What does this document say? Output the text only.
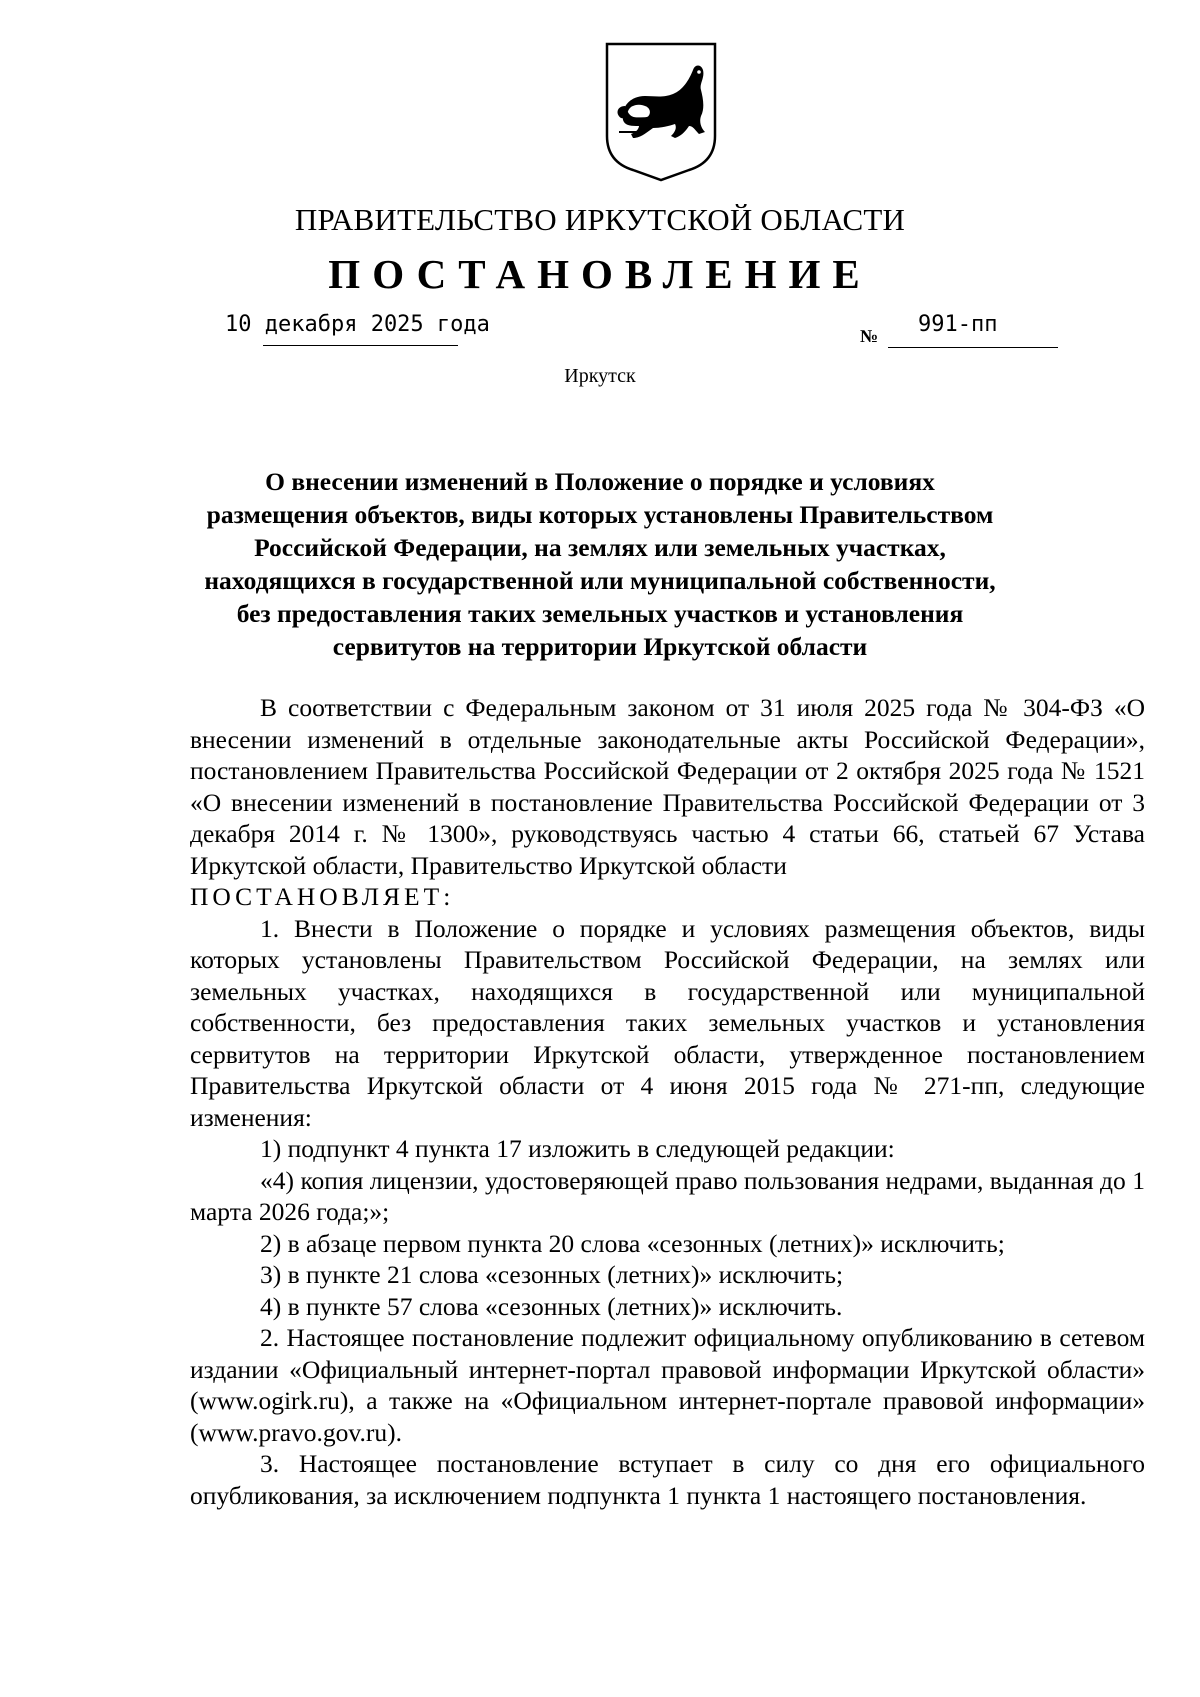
ПРАВИТЕЛЬСТВО ИРКУТСКОЙ ОБЛАСТИ
ПОСТАНОВЛЕНИЕ
10 декабря 2025 года	№ 991-пп
Иркутск
О внесении изменений в Положение о порядке и условиях
размещения объектов, виды которых установлены Правительством
Российской Федерации, на землях или земельных участках,
находящихся в государственной или муниципальной собственности,
без предоставления таких земельных участков и установления
сервитутов на территории Иркутской области

В соответствии с Федеральным законом от 31 июля 2025 года № 304-ФЗ «О внесении изменений в отдельные законодательные акты Российской Федерации», постановлением Правительства Российской Федерации от 2 октября 2025 года № 1521 «О внесении изменений в постановление Правительства Российской Федерации от 3 декабря 2014 г. № 1300», руководствуясь частью 4 статьи 66, статьей 67 Устава Иркутской области, Правительство Иркутской области

ПОСТАНОВЛЯЕТ:

1. Внести в Положение о порядке и условиях размещения объектов, виды которых установлены Правительством Российской Федерации, на землях или земельных участках, находящихся в государственной или муниципальной собственности, без предоставления таких земельных участков и установления сервитутов на территории Иркутской области, утвержденное постановлением Правительства Иркутской области от 4 июня 2015 года № 271-пп, следующие изменения:

1) подпункт 4 пункта 17 изложить в следующей редакции:

«4) копия лицензии, удостоверяющей право пользования недрами, выданная до 1 марта 2026 года;»;

2) в абзаце первом пункта 20 слова «сезонных (летних)» исключить;

3) в пункте 21 слова «сезонных (летних)» исключить;

4) в пункте 57 слова «сезонных (летних)» исключить.

2. Настоящее постановление подлежит официальному опубликованию в сетевом издании «Официальный интернет-портал правовой информации Иркутской области» (www.ogirk.ru), а также на «Официальном интернет-портале правовой информации» (www.pravo.gov.ru).

3. Настоящее постановление вступает в силу со дня его официального опубликования, за исключением подпункта 1 пункта 1 настоящего постановления.
